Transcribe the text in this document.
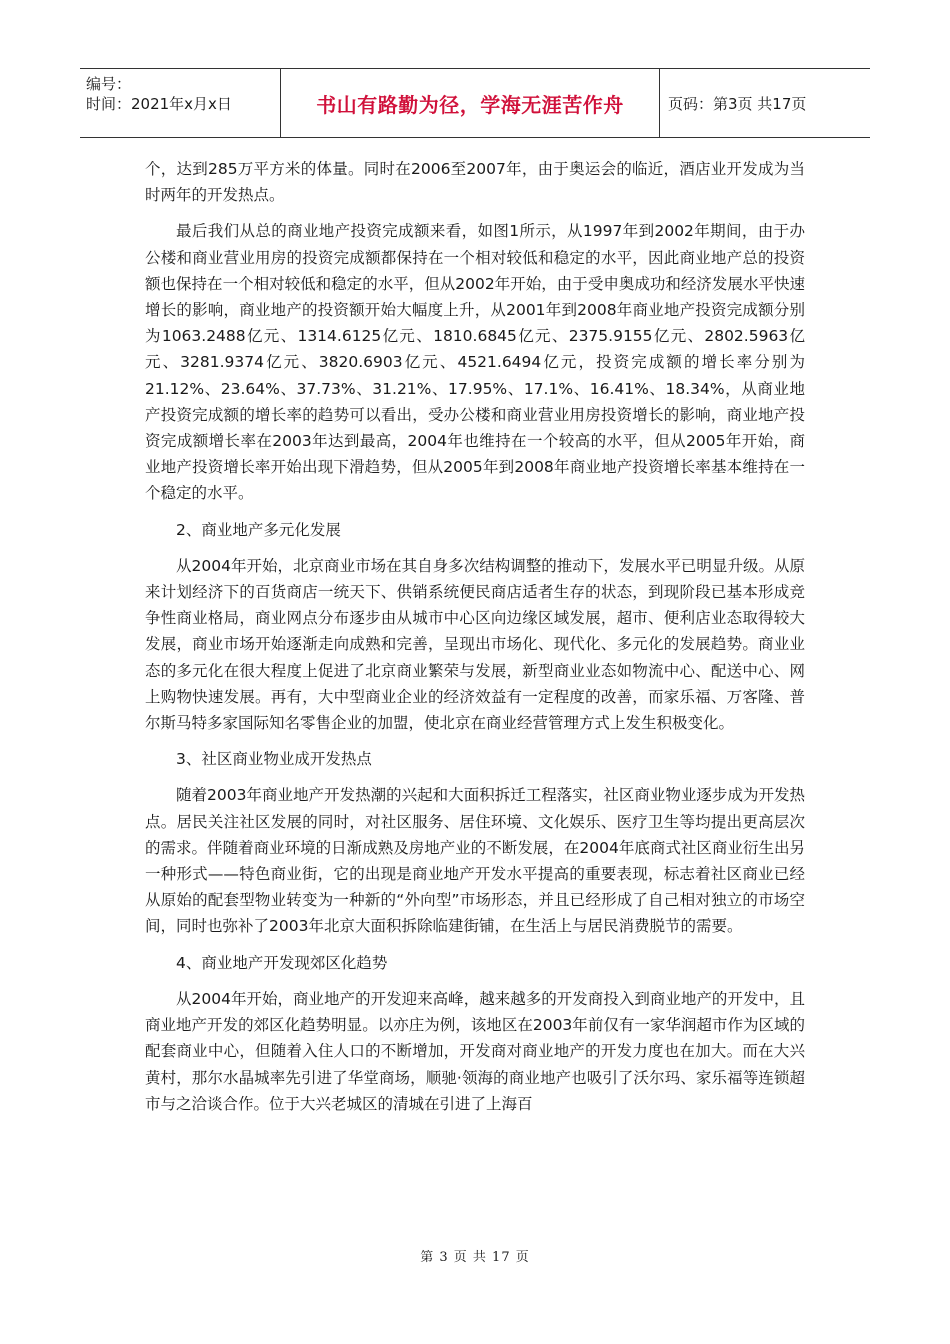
编号：
时间：2021年x月x日	书山有路勤为径，学海无涯苦作舟	页码：第3页 共17页

个，达到285万平方米的体量。同时在2006至2007年，由于奥运会的临近，酒店业开发成为当时两年的开发热点。

最后我们从总的商业地产投资完成额来看，如图1所示，从1997年到2002年期间，由于办公楼和商业营业用房的投资完成额都保持在一个相对较低和稳定的水平，因此商业地产总的投资额也保持在一个相对较低和稳定的水平，但从2002年开始，由于受申奥成功和经济发展水平快速增长的影响，商业地产的投资额开始大幅度上升，从2001年到2008年商业地产投资完成额分别为1063.2488亿元、1314.6125亿元、1810.6845亿元、2375.9155亿元、2802.5963亿元、3281.9374亿元、3820.6903亿元、4521.6494亿元，投资完成额的增长率分别为21.12%、23.64%、37.73%、31.21%、17.95%、17.1%、16.41%、18.34%，从商业地产投资完成额的增长率的趋势可以看出，受办公楼和商业营业用房投资增长的影响，商业地产投资完成额增长率在2003年达到最高，2004年也维持在一个较高的水平，但从2005年开始，商业地产投资增长率开始出现下滑趋势，但从2005年到2008年商业地产投资增长率基本维持在一个稳定的水平。

2、商业地产多元化发展

从2004年开始，北京商业市场在其自身多次结构调整的推动下，发展水平已明显升级。从原来计划经济下的百货商店一统天下、供销系统便民商店适者生存的状态，到现阶段已基本形成竞争性商业格局，商业网点分布逐步由从城市中心区向边缘区域发展，超市、便利店业态取得较大发展，商业市场开始逐渐走向成熟和完善，呈现出市场化、现代化、多元化的发展趋势。商业业态的多元化在很大程度上促进了北京商业繁荣与发展，新型商业业态如物流中心、配送中心、网上购物快速发展。再有，大中型商业企业的经济效益有一定程度的改善，而家乐福、万客隆、普尔斯马特多家国际知名零售企业的加盟，使北京在商业经营管理方式上发生积极变化。

3、社区商业物业成开发热点

随着2003年商业地产开发热潮的兴起和大面积拆迁工程落实，社区商业物业逐步成为开发热点。居民关注社区发展的同时，对社区服务、居住环境、文化娱乐、医疗卫生等均提出更高层次的需求。伴随着商业环境的日渐成熟及房地产业的不断发展，在2004年底商式社区商业衍生出另一种形式——特色商业街，它的出现是商业地产开发水平提高的重要表现，标志着社区商业已经从原始的配套型物业转变为一种新的“外向型”市场形态，并且已经形成了自己相对独立的市场空间，同时也弥补了2003年北京大面积拆除临建街铺，在生活上与居民消费脱节的需要。

4、商业地产开发现郊区化趋势

从2004年开始，商业地产的开发迎来高峰，越来越多的开发商投入到商业地产的开发中，且商业地产开发的郊区化趋势明显。以亦庄为例，该地区在2003年前仅有一家华润超市作为区域的配套商业中心，但随着入住人口的不断增加，开发商对商业地产的开发力度也在加大。而在大兴黄村，那尔水晶城率先引进了华堂商场，顺驰·领海的商业地产也吸引了沃尔玛、家乐福等连锁超市与之洽谈合作。位于大兴老城区的清城在引进了上海百

第 3 页 共 17 页
